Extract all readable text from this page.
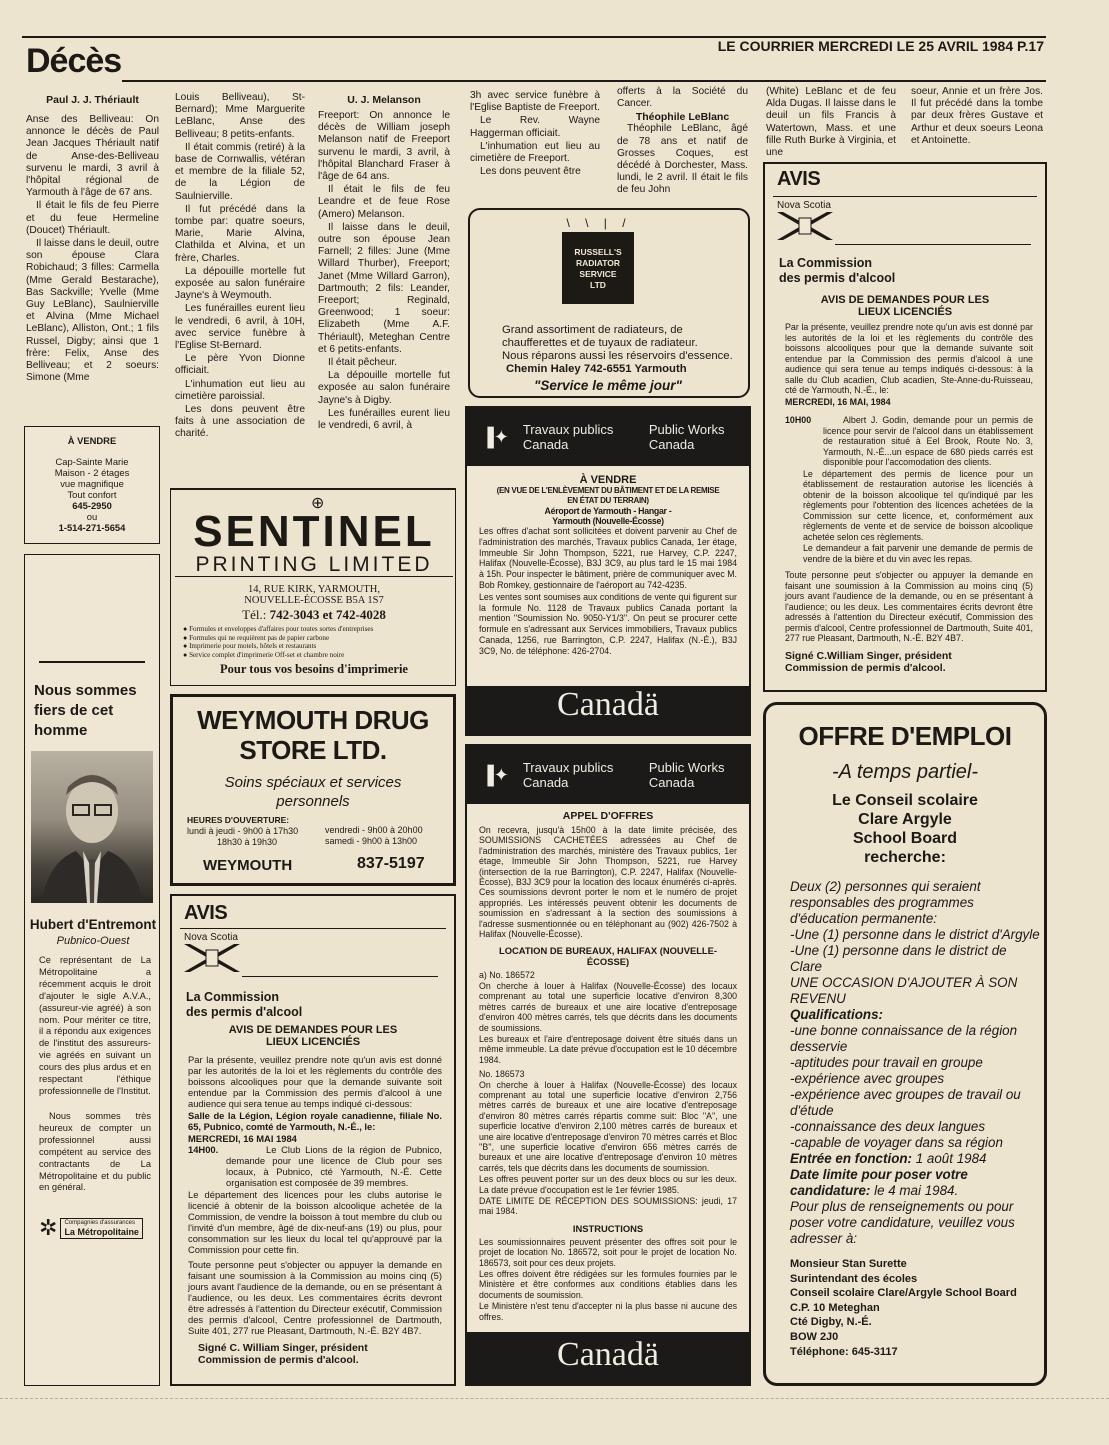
Décès	LE COURRIER MERCREDI LE 25 AVRIL 1984 P.17
Paul J. J. Thériault
Anse des Belliveau: On annonce le décès de Paul Jean Jacques Thériault natif de Anse-des-Belliveau survenu le mardi, 3 avril à l'hôpital régional de Yarmouth à l'âge de 67 ans.
Il était le fils de feu Pierre et du feue Hermeline (Doucet) Thériault.
Il laisse dans le deuil, outre son épouse Clara Robichaud; 3 filles: Carmella (Mme Gerald Bestarache), Bas Sackville; Yvelle (Mme Guy LeBlanc), Saulnierville et Alvina (Mme Michael LeBlanc), Alliston, Ont.; 1 fils Russel, Digby; ainsi que 1 frère: Felix, Anse des Belliveau; et 2 soeurs: Simone (Mme
À VENDRE
Cap-Sainte Marie
Maison - 2 étages
vue magnifique
Tout confort
645-2950
ou
1-514-271-5654
Nous sommes fiers de cet homme
Hubert d'Entremont
Pubnico-Ouest
Ce représentant de La Métropolitaine a récemment acquis le droit d'ajouter le sigle A.V.A., (assureur-vie agréé) à son nom. Pour mériter ce titre, il a répondu aux exigences de l'institut des assureurs-vie agréés en suivant un cours des plus ardus et en respectant l'éthique professionnelle de l'Institut.
Nous sommes très heureux de compter un professionnel aussi compétent au service des contractants de La Métropolitaine et du public en général.
✲ Compagnies d'assurances
La Métropolitaine
Louis Belliveau), St-Bernard); Mme Marguerite LeBlanc, Anse des Belliveau; 8 petits-enfants.
Il était commis (retiré) à la base de Cornwallis, vétéran et membre de la filiale 52, de la Légion de Saulnierville.
Il fut précédé dans la tombe par: quatre soeurs, Marie, Marie Alvina, Clathilda et Alvina, et un frère, Charles.
La dépouille mortelle fut exposée au salon funéraire Jayne's à Weymouth.
Les funérailles eurent lieu le vendredi, 6 avril, à 10H, avec service funèbre à l'Eglise St-Bernard.
Le père Yvon Dionne officiait.
L'inhumation eut lieu au cimetière paroissial.
Les dons peuvent être faits à une association de charité.
U. J. Melanson
Freeport: On annonce le décès de William joseph Melanson natif de Freeport survenu le mardi, 3 avril, à l'hôpital Blanchard Fraser à l'âge de 64 ans.
Il était le fils de feu Leandre et de feue Rose (Amero) Melanson.
Il laisse dans le deuil, outre son épouse Jean Farnell; 2 filles: June (Mme Willard Thurber), Freeport; Janet (Mme Willard Garron), Dartmouth; 2 fils: Leander, Freeport; Reginald, Greenwood; 1 soeur: Elizabeth (Mme A.F. Thériault), Meteghan Centre et 6 petits-enfants.
Il était pêcheur.
La dépouille mortelle fut exposée au salon funéraire Jayne's à Digby.
Les funérailles eurent lieu le vendredi, 6 avril, à
3h avec service funèbre à l'Eglise Baptiste de Freeport.
Le Rev. Wayne Haggerman officiait.
L'inhumation eut lieu au cimetière de Freeport.
Les dons peuvent être
offerts à la Société du Cancer.
Théophile LeBlanc
Théophile LeBlanc, âgé de 78 ans et natif de Grosses Coques, est décédé à Dorchester, Mass. lundi, le 2 avril. Il était le fils de feu John
(White) LeBlanc et de feu Alda Dugas. Il laisse dans le deuil un fils Francis à Watertown, Mass. et une fille Ruth Burke à Virginia, et une
soeur, Annie et un frère Jos. Il fut précédé dans la tombe par deux frères Gustave et Arthur et deux soeurs Leona et Antoinette.
⊕
SENTINEL
PRINTING LIMITED
14, RUE KIRK, YARMOUTH,
NOUVELLE-ÉCOSSE B5A 1S7
Tél.: 742-3043 et 742-4028
● Formules et enveloppes d'affaires pour toutes sortes d'entreprises
● Formules qui ne requièrent pas de papier carbone
● Imprimerie pour motels, hôtels et restaurants
● Service complet d'imprimerie Off-set et chambre noire
Pour tous vos besoins d'imprimerie
WEYMOUTH DRUG
STORE LTD.
Soins spéciaux et services
personnels
HEURES D'OUVERTURE:
lundi à jeudi - 9h00 à 17h30
18h30 à 19h30
vendredi - 9h00 à 20h00
samedi - 9h00 à 13h00
WEYMOUTH	837-5197
AVIS
Nova Scotia
La Commission
des permis d'alcool
AVIS DE DEMANDES POUR LES
LIEUX LICENCIÉS
Par la présente, veuillez prendre note qu'un avis est donné par les autorités de la loi et les règlements du contrôle des boissons alcooliques pour que la demande suivante soit entendue par la Commission des permis d'alcool à une audience qui sera tenue au temps indiqué ci-dessous:
Salle de la Légion, Légion royale canadienne, filiale No. 65, Pubnico, comté de Yarmouth, N.-É., le:
MERCREDI, 16 MAI 1984
14H00.	Le Club Lions de la région de Pubnico, demande pour une licence de Club pour ses locaux, à Pubnico, cté Yarmouth, N.-É. Cette organisation est composée de 39 membres.
Le département des licences pour les clubs autorise le licencié à obtenir de la boisson alcoolique achetée de la Commission, de vendre la boisson à tout membre du club ou l'invité d'un membre, âgé de dix-neuf-ans (19) ou plus, pour consommation sur les lieux du local tel qu'approuvé par la Commission pour cette fin.
Toute personne peut s'objecter ou appuyer la demande en faisant une soumission à la Commission au moins cinq (5) jours avant l'audience de la demande, ou en se présentant à l'audience, ou les deux. Les commentaires écrits devront être adressés à l'attention du Directeur exécutif, Commission des permis d'alcool, Centre professionnel de Dartmouth, Suite 401, 277 rue Pleasant, Dartmouth, N.-É. B2Y 4B7.
Signé C. William Singer, président
Commission de permis d'alcool.
RUSSELL'S
RADIATOR
SERVICE
LTD
\ \ | / /
Grand assortiment de radiateurs, de
chaufferettes et de tuyaux de radiateur.
Nous réparons aussi les réservoirs d'essence.
Chemin Haley 742-6551 Yarmouth
"Service le même jour"
▐✦ Travaux publics
Canada
Public Works
Canada
À VENDRE
(EN VUE DE L'ENLÈVEMENT DU BÂTIMENT ET DE LA REMISE
EN ÉTAT DU TERRAIN)
Aéroport de Yarmouth - Hangar -
Yarmouth (Nouvelle-Écosse)
Les offres d'achat sont sollicitées et doivent parvenir au Chef de l'administration des marchés, Travaux publics Canada, 1er étage, Immeuble Sir John Thompson, 5221, rue Harvey, C.P. 2247, Halifax (Nouvelle-Écosse), B3J 3C9, au plus tard le 15 mai 1984 à 15h. Pour inspecter le bâtiment, prière de communiquer avec M. Bob Romkey, gestionnaire de l'aéroport au 742-4235.
Les ventes sont soumises aux conditions de vente qui figurent sur la formule No. 1128 de Travaux publics Canada portant la mention ''Soumission No. 9050-Y1/3''. On peut se procurer cette formule en s'adressant aux Services immobiliers, Travaux publics Canada, 1256, rue Barrington, C.P. 2247, Halifax (N.-É.), B3J 3C9, No. de téléphone: 426-2704.
Canadä
▐✦ Travaux publics
Canada
Public Works
Canada
APPEL D'OFFRES
On recevra, jusqu'à 15h00 à la date limite précisée, des SOUMISSIONS CACHETÉES adressées au Chef de l'administration des marchés, ministère des Travaux publics, 1er étage, Immeuble Sir John Thompson, 5221, rue Harvey (intersection de la rue Barrington), C.P. 2247, Halifax (Nouvelle-Écosse), B3J 3C9 pour la location des locaux énumérés ci-après. Ces soumissions devront porter le nom et le numéro de projet appropriés. Les intéressés peuvent obtenir les documents de soumission en s'adressant à la section des soumissions à l'adresse susmentionnée ou en téléphonant au (902) 426-7502 à Halifax (Nouvelle-Écosse).
LOCATION DE BUREAUX, HALIFAX (NOUVELLE-ÉCOSSE)
a) No. 186572
On cherche à louer à Halifax (Nouvelle-Écosse) des locaux comprenant au total une superficie locative d'environ 8,300 mètres carrés de bureaux et une aire locative d'entreposage d'environ 400 mètres carrés, tels que décrits dans les documents de soumissions.
Les bureaux et l'aire d'entreposage doivent être situés dans un même immeuble. La date prévue d'occupation est le 10 décembre 1984.
No. 186573
On cherche à louer à Halifax (Nouvelle-Écosse) des locaux comprenant au total une superficie locative d'environ 2,756 mètres carrés de bureaux et une aire locative d'entreposage d'environ 80 mètres carrés répartis comme suit: Bloc ''A'', une superficie locative d'environ 2,100 mètres carrés de bureaux et une aire locative d'entreposage d'environ 70 mètres carrés et Bloc ''B'', une superficie locative d'environ 656 mètres carrés de bureaux et une aire locative d'entreposage d'environ 10 mètres carrés, tels que décrits dans les documents de soumission.
Les offres peuvent porter sur un des deux blocs ou sur les deux. La date prévue d'occupation est le 1er février 1985.
DATE LIMITE DE RÉCEPTION DES SOUMISSIONS: jeudi, 17 mai 1984.
INSTRUCTIONS
Les soumissionnaires peuvent présenter des offres soit pour le projet de location No. 186572, soit pour le projet de location No. 186573, soit pour ces deux projets.
Les offres doivent être rédigées sur les formules fournies par le Ministère et être conformes aux conditions établies dans les documents de soumission.
Le Ministère n'est tenu d'accepter ni la plus basse ni aucune des offres.
Canadä
AVIS
Nova Scotia
La Commission
des permis d'alcool
AVIS DE DEMANDES POUR LES
LIEUX LICENCIÉS
Par la présente, veuillez prendre note qu'un avis est donné par les autorités de la loi et les règlements du contrôle des boissons alcooliques pour que la demande suivante soit entendue par la Commission des permis d'alcool à une audience qui sera tenue au temps indiqués ci-dessous: à la salle du Club acadien, Club acadien, Ste-Anne-du-Ruisseau, cté de Yarmouth, N.-É., le:
MERCREDI, 16 MAI, 1984
10H00	Albert J. Godin, demande pour un permis de licence pour servir de l'alcool dans un établissement de restauration situé à Eel Brook, Route No. 3, Yarmouth, N.-É...un espace de 680 pieds carrés est disponible pour l'accomodation des clients.
Le département des permis de licence pour un établissement de restauration autorise les licenciés à obtenir de la boisson alcoolique tel qu'indiqué par les règlements pour l'obtention des licences achetées de la Commission sur cette licence, et, conformément aux règlements de vente et de service de boisson alcoolique achetée selon ces règlements.
Le demandeur a fait parvenir une demande de permis de vendre de la bière et du vin avec les repas.
Toute personne peut s'objecter ou appuyer la demande en faisant une soumission à la Commission au moins cinq (5) jours avant l'audience de la demande, ou en se présentant à l'audience; ou les deux. Les commentaires écrits devront être adressés à l'attention du Directeur exécutif, Commission des permis d'alcool, Centre professionnel de Dartmouth, Suite 401, 277 rue Pleasant, Dartmouth, N.-É. B2Y 4B7.
Signé C.William Singer, président
Commission de permis d'alcool.
OFFRE D'EMPLOI
-A temps partiel-
Le Conseil scolaire
Clare Argyle
School Board
recherche:
Deux (2) personnes qui seraient responsables des programmes d'éducation permanente:
-Une (1) personne dans le district d'Argyle
-Une (1) personne dans le district de Clare
UNE OCCASION D'AJOUTER À SON REVENU
Qualifications:
-une bonne connaissance de la région desservie
-aptitudes pour travail en groupe
-expérience avec groupes
-expérience avec groupes de travail ou d'étude
-connaissance des deux langues
-capable de voyager dans sa région
Entrée en fonction: 1 août 1984
Date limite pour poser votre candidature: le 4 mai 1984.
Pour plus de renseignements ou pour poser votre candidature, veuillez vous adresser à:
Monsieur Stan Surette
Surintendant des écoles
Conseil scolaire Clare/Argyle School Board
C.P. 10 Meteghan
Cté Digby, N.-É.
BOW 2J0
Téléphone: 645-3117
